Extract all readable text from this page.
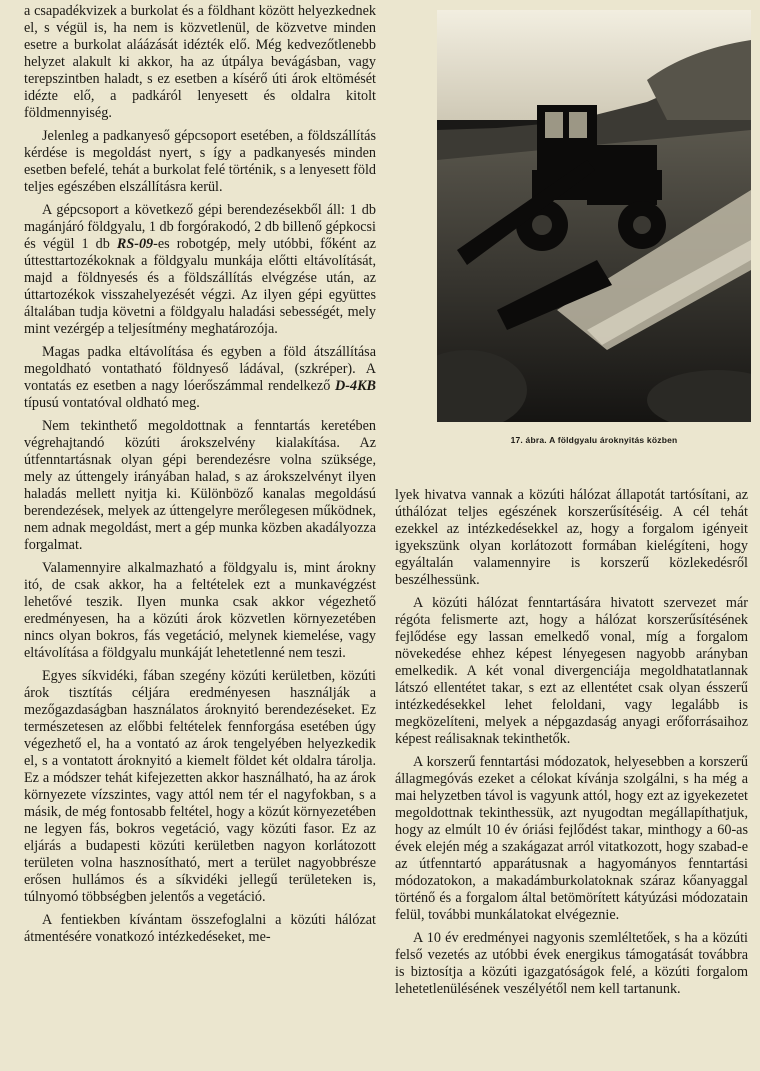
a csapadékvizek a burkolat és a földhant között helyezkednek el, s végül is, ha nem is közvetlenül, de közvetve minden esetre a burkolat aláázását idézték elő. Még kedvezőtlenebb helyzet alakult ki akkor, ha az útpálya bevágásban, vagy terepszintben haladt, s ez esetben a kísérő úti árok eltömését idézte elő, a padkáról lenyesett és oldalra kitolt földmennyiség.

Jelenleg a padkanyeső gépcsoport esetében, a földszállítás kérdése is megoldást nyert, s így a padkanyesés minden esetben befelé, tehát a burkolat felé történik, s a lenyesett föld teljes egészében elszállításra kerül.

A gépcsoport a következő gépi berendezésekből áll: 1 db magánjáró földgyalu, 1 db forgórakodó, 2 db billenő gépkocsi és végül 1 db RS-09-es robotgép, mely utóbbi, főként az úttesttartozékoknak a földgyalu munkája előtti eltávolítását, majd a földnyesés és a földszállítás elvégzése után, az úttartozékok visszahelyezését végzi. Az ilyen gépi együttes általában tudja követni a földgyalu haladási sebességét, mely mint vezérgép a teljesítmény meghatározója.

Magas padka eltávolítása és egyben a föld átszállítása megoldható vontatható földnyeső ládával, (szkréper). A vontatás ez esetben a nagy lóerőszámmal rendelkező D-4KB típusú vontatóval oldható meg.

Nem tekinthető megoldottnak a fenntartás keretében végrehajtandó közúti árokszelvény kialakítása. Az útfenntartásnak olyan gépi berendezésre volna szüksége, mely az úttengely irányában halad, s az árokszelvényt ilyen haladás mellett nyitja ki. Különböző kanalas megoldású berendezések, melyek az úttengelyre merőlegesen működnek, nem adnak megoldást, mert a gép munka közben akadályozza forgalmat.

Valamennyire alkalmazható a földgyalu is, mint árokny itó, de csak akkor, ha a feltételek ezt a munkavégzést lehetővé teszik. Ilyen munka csak akkor végezhető eredményesen, ha a közúti árok közvetlen környezetében nincs olyan bokros, fás vegetáció, melynek kiemelése, vagy eltávolítása a földgyalu munkáját lehetetlenné nem teszi.

Egyes síkvidéki, fában szegény közúti kerületben, közúti árok tisztítás céljára eredményesen használják a mezőgazdaságban használatos ároknyitó berendezéseket. Ez természetesen az előbbi feltételek fennforgása esetében úgy végezhető el, ha a vontató az árok tengelyében helyezkedik el, s a vontatott ároknyitó a kiemelt földet két oldalra tárolja. Ez a módszer tehát kifejezetten akkor használható, ha az árok környezete vízszintes, vagy attól nem tér el nagyfokban, s a másik, de még fontosabb feltétel, hogy a közút környezetében ne legyen fás, bokros vegetáció, vagy közúti fasor. Ez az eljárás a budapesti közúti kerületben nagyon korlátozott területen volna hasznosítható, mert a terület nagyobbrésze erősen hullámos és a síkvidéki jellegű területeken is, túlnyomó többségben jelentős a vegetáció.

A fentiekben kívántam összefoglalni a közúti hálózat átmentésére vonatkozó intézkedéseket, me-

17. ábra. A földgyalu ároknyitás közben

lyek hivatva vannak a közúti hálózat állapotát tartósítani, az úthálózat teljes egészének korszerűsítéséig. A cél tehát ezekkel az intézkedésekkel az, hogy a forgalom igényeit igyekszünk olyan korlátozott formában kielégíteni, hogy egyáltalán valamennyire is korszerű közlekedésről beszélhessünk.

A közúti hálózat fenntartására hivatott szervezet már régóta felismerte azt, hogy a hálózat korszerűsítésének fejlődése egy lassan emelkedő vonal, míg a forgalom növekedése ehhez képest lényegesen nagyobb arányban emelkedik. A két vonal divergenciája megoldhatatlannak látszó ellentétet takar, s ezt az ellentétet csak olyan ésszerű intézkedésekkel lehet feloldani, vagy legalább is megközelíteni, melyek a népgazdaság anyagi erőforrásaihoz képest reálisaknak tekinthetők.

A korszerű fenntartási módozatok, helyesebben a korszerű állagmegóvás ezeket a célokat kívánja szolgálni, s ha még a mai helyzetben távol is vagyunk attól, hogy ezt az igyekezetet megoldottnak tekinthessük, azt nyugodtan megállapíthatjuk, hogy az elmúlt 10 év óriási fejlődést takar, minthogy a 60-as évek elején még a szakágazat arról vitatkozott, hogy szabad-e az útfenntartó apparátusnak a hagyományos fenntartási módozatokon, a makadámburkolatoknak száraz kőanyaggal történő és a forgalom által betömörített kátyúzási módozatain felül, további munkálatokat elvégeznie.

A 10 év eredményei nagyonis szemléltetőek, s ha a közúti felső vezetés az utóbbi évek energikus támogatását továbbra is biztosítja a közúti igazgatóságok felé, a közúti forgalom lehetetlenülésének veszélyétől nem kell tartanunk.
